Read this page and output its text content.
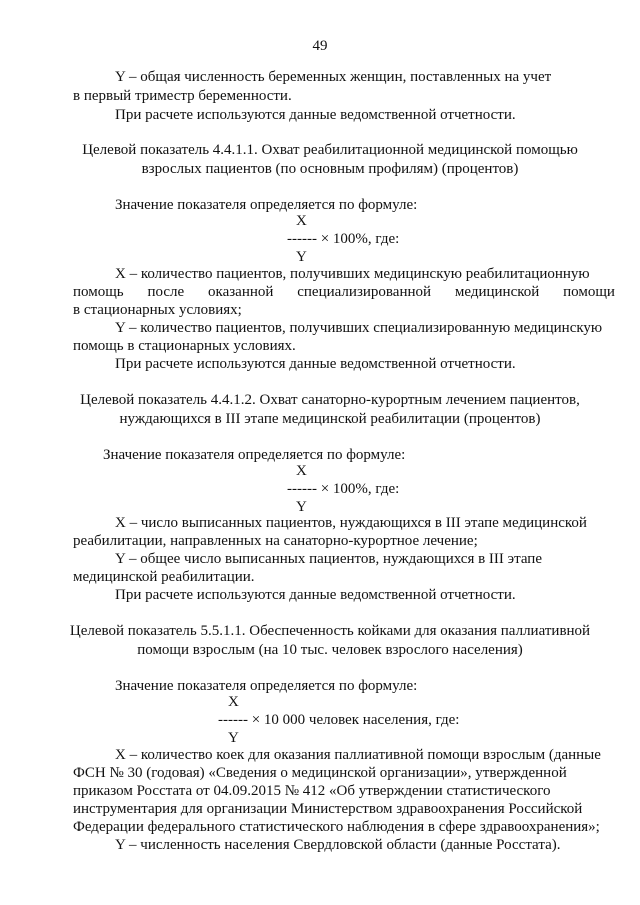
49
Y – общая численность беременных женщин, поставленных на учет
в первый триместр беременности.
При расчете используются данные ведомственной отчетности.
Целевой показатель 4.4.1.1. Охват реабилитационной медицинской помощью
взрослых пациентов (по основным профилям) (процентов)
Значение показателя определяется по формуле:
X
------ × 100%, где:
Y
X – количество пациентов, получивших медицинскую реабилитационную
помощь после оказанной специализированной медицинской помощи
в стационарных условиях;
Y – количество пациентов, получивших специализированную медицинскую
помощь в стационарных условиях.
При расчете используются данные ведомственной отчетности.
Целевой показатель 4.4.1.2. Охват санаторно-курортным лечением пациентов,
нуждающихся в III этапе медицинской реабилитации (процентов)
Значение показателя определяется по формуле:
X
------ × 100%, где:
Y
X – число выписанных пациентов, нуждающихся в III этапе медицинской
реабилитации, направленных на санаторно-курортное лечение;
Y – общее число выписанных пациентов, нуждающихся в III этапе
медицинской реабилитации.
При расчете используются данные ведомственной отчетности.
Целевой показатель 5.5.1.1. Обеспеченность койками для оказания паллиативной
помощи взрослым (на 10 тыс. человек взрослого населения)
Значение показателя определяется по формуле:
X
------ × 10 000 человек населения, где:
Y
X – количество коек для оказания паллиативной помощи взрослым (данные
ФСН № 30 (годовая) «Сведения о медицинской организации», утвержденной
приказом Росстата от 04.09.2015 № 412 «Об утверждении статистического
инструментария для организации Министерством здравоохранения Российской
Федерации федерального статистического наблюдения в сфере здравоохранения»;
Y – численность населения Свердловской области (данные Росстата).
